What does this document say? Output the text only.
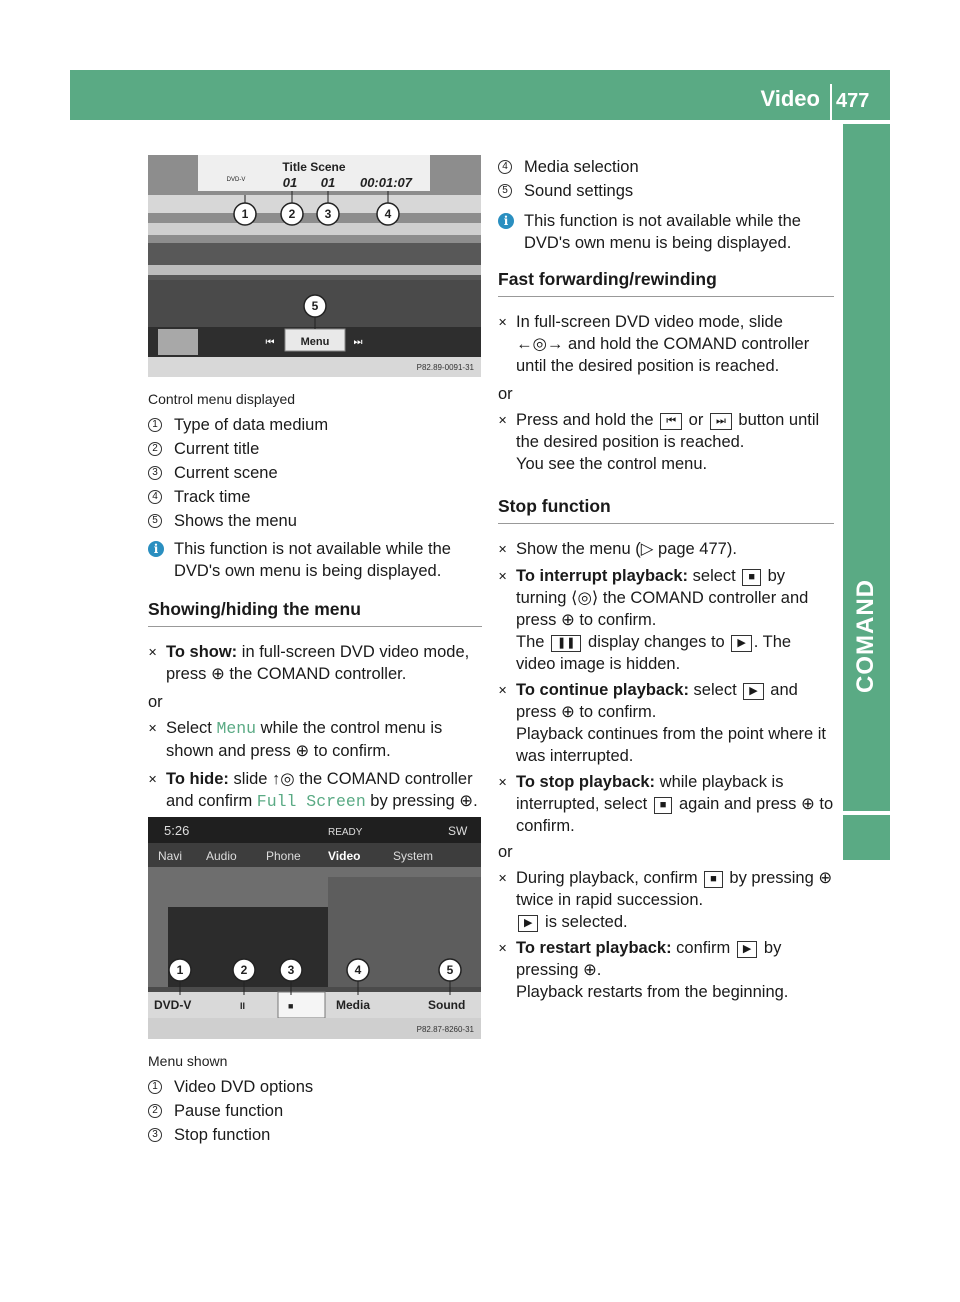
Video 477
COMAND
Title Scene
DVD-V	01 01 00:01:07
Menu
⏮	⏭
P82.89-0091-31
1	2 3	4
5
Control menu displayed
1 Type of data medium
2 Current title
3 Current scene
4 Track time
5 Shows the menu
i This function is not available while the DVD's own menu is being displayed.
Showing/hiding the menu
✕ To show: in full-screen DVD video mode, press ⊕ the COMAND controller.
or
✕ Select Menu while the control menu is shown and press ⊕ to confirm.
✕ To hide: slide ↑◎ the COMAND controller and confirm Full Screen by pressing ⊕.
5:26	READY	SW
Navi Audio Phone Video	System
DVD-V	II	■	Media	Sound
P82.87-8260-31
1	2	3	4	5
Menu shown
1 Video DVD options
2 Pause function
3 Stop function
4 Media selection
5 Sound settings
i This function is not available while the DVD's own menu is being displayed.
Fast forwarding/rewinding
✕ In full-screen DVD video mode, slide ←◎→ and hold the COMAND controller until the desired position is reached.
or
✕ Press and hold the ⏮ or ⏭ button until the desired position is reached.
You see the control menu.
Stop function
✕ Show the menu (▷ page 477).
✕ To interrupt playback: select ■ by turning ⟨◎⟩ the COMAND controller and press ⊕ to confirm.
The ❚❚ display changes to ▶ . The video image is hidden.
✕ To continue playback: select ▶ and press ⊕ to confirm.
Playback continues from the point where it was interrupted.
✕ To stop playback: while playback is interrupted, select ■ again and press ⊕ to confirm.
or
✕ During playback, confirm ■ by pressing ⊕ twice in rapid succession.
▶ is selected.
✕ To restart playback: confirm ▶ by pressing ⊕.
Playback restarts from the beginning.
